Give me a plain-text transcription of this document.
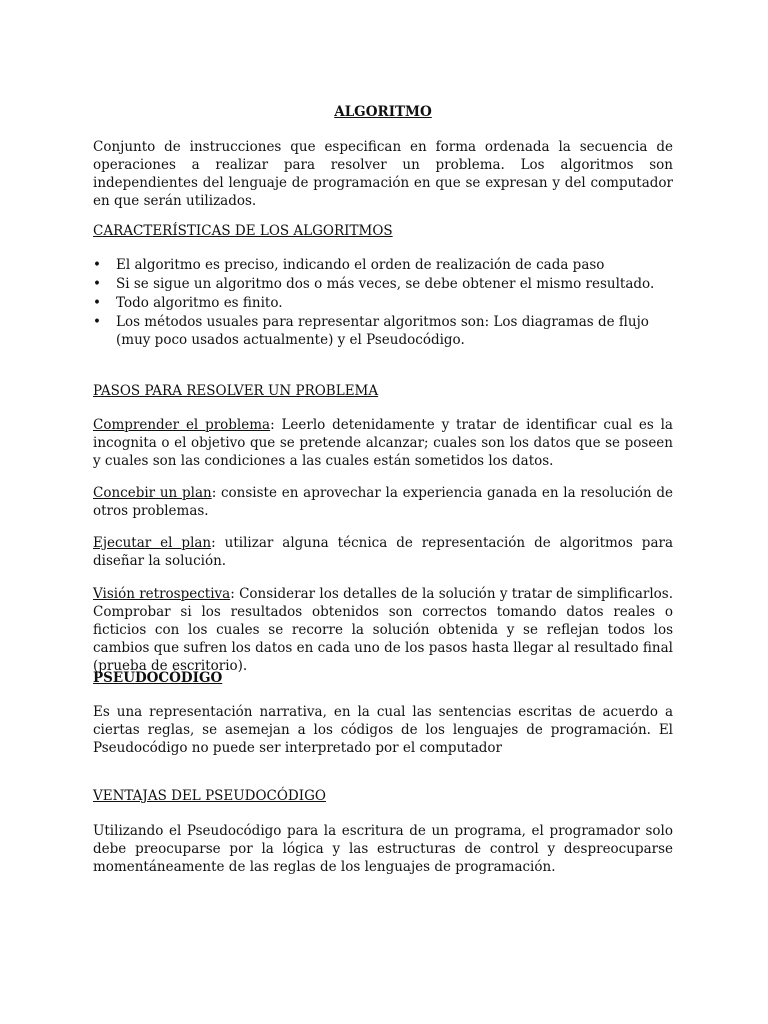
ALGORITMO

Conjunto de instrucciones que especifican en forma ordenada la secuencia de operaciones a realizar para resolver un problema. Los algoritmos son independientes del lenguaje de programación en que se expresan y del computador en que serán utilizados.

CARACTERÍSTICAS DE LOS ALGORITMOS

• El algoritmo es preciso, indicando el orden de realización de cada paso
• Si se sigue un algoritmo dos o más veces, se debe obtener el mismo resultado.
• Todo algoritmo es finito.
• Los métodos usuales para representar algoritmos son: Los diagramas de flujo (muy poco usados actualmente) y el Pseudocódigo.

PASOS PARA RESOLVER UN PROBLEMA

Comprender el problema: Leerlo detenidamente y tratar de identificar cual es la incognita o el objetivo que se pretende alcanzar; cuales son los datos que se poseen y cuales son las condiciones a las cuales están sometidos los datos.

Concebir un plan: consiste en aprovechar la experiencia ganada en la resolución de otros problemas.

Ejecutar el plan: utilizar alguna técnica de representación de algoritmos para diseñar la solución.

Visión retrospectiva: Considerar los detalles de la solución y tratar de simplificarlos. Comprobar si los resultados obtenidos son correctos tomando datos reales o ficticios con los cuales se recorre la solución obtenida y se reflejan todos los cambios que sufren los datos en cada uno de los pasos hasta llegar al resultado final (prueba de escritorio).

PSEUDOCÓDIGO

Es una representación narrativa, en la cual las sentencias escritas de acuerdo a ciertas reglas, se asemejan a los códigos de los lenguajes de programación. El Pseudocódigo no puede ser interpretado por el computador

VENTAJAS DEL PSEUDOCÓDIGO

Utilizando el Pseudocódigo para la escritura de un programa, el programador solo debe preocuparse por la lógica y las estructuras de control y despreocuparse momentáneamente de las reglas de los lenguajes de programación.
